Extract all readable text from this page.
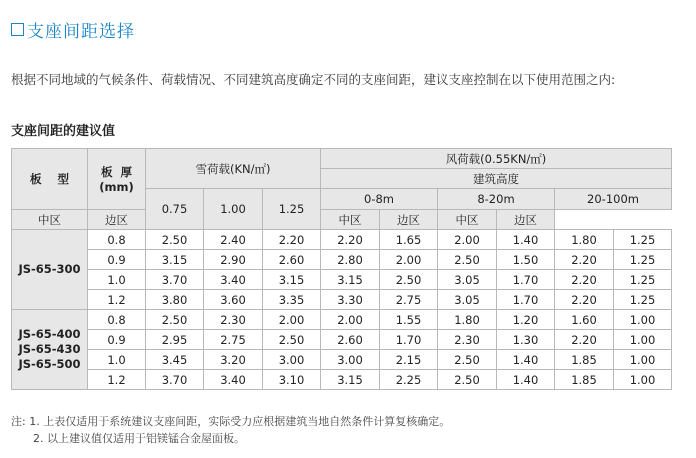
支座间距选择
根据不同地域的气候条件、荷载情况、不同建筑高度确定不同的支座间距，建议支座控制在以下使用范围之内:
支座间距的建议值
板    型	板  厚
(mm)	雪荷载(KN/㎡)			风荷载(0.55KN/㎡)					
					建筑高度					
		0.75	1.00	1.25	0-8m		8-20m		20-100m	
中区	边区				中区	边区	中区	边区		

JS-65-300	0.8	2.50	2.40	2.20	2.20	1.65	2.00	1.40	1.80	1.25
	0.9	3.15	2.90	2.60	2.80	2.00	2.50	1.50	2.20	1.25
	1.0	3.70	3.40	3.15	3.15	2.50	3.05	1.70	2.20	1.25
	1.2	3.80	3.60	3.35	3.30	2.75	3.05	1.70	2.20	1.25

JS-65-400
JS-65-430
JS-65-500	0.8	2.50	2.30	2.00	2.00	1.55	1.80	1.20	1.60	1.00
	0.9	2.95	2.75	2.50	2.60	1.70	2.30	1.30	2.20	1.00
	1.0	3.45	3.20	3.00	3.00	2.15	2.50	1.40	1.85	1.00
	1.2	3.70	3.40	3.10	3.15	2.25	2.50	1.40	1.85	1.00
注: 1. 上表仅适用于系统建议支座间距，实际受力应根据建筑当地自然条件计算复核确定。
2. 以上建议值仅适用于铝镁锰合金屋面板。
